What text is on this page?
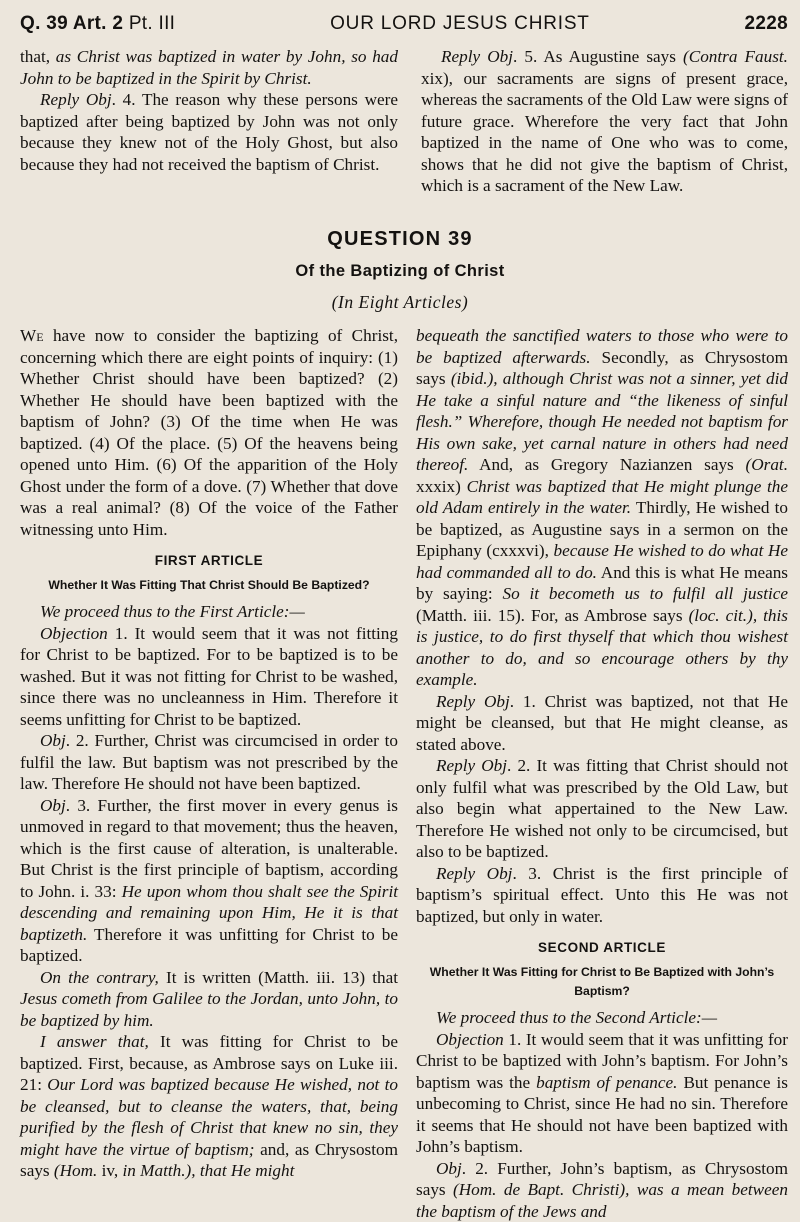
Q. 39 Art. 2 Pt. III	OUR LORD JESUS CHRIST	2228

that, as Christ was baptized in water by John, so had John to be baptized in the Spirit by Christ.

Reply Obj. 4. The reason why these persons were baptized after being baptized by John was not only because they knew not of the Holy Ghost, but also because they had not received the baptism of Christ.

Reply Obj. 5. As Augustine says (Contra Faust. xix), our sacraments are signs of present grace, whereas the sacraments of the Old Law were signs of future grace. Wherefore the very fact that John baptized in the name of One who was to come, shows that he did not give the baptism of Christ, which is a sacrament of the New Law.

QUESTION 39
Of the Baptizing of Christ
(In Eight Articles)

We have now to consider the baptizing of Christ, concerning which there are eight points of inquiry: (1) Whether Christ should have been baptized? (2) Whether He should have been baptized with the baptism of John? (3) Of the time when He was baptized. (4) Of the place. (5) Of the heavens being opened unto Him. (6) Of the apparition of the Holy Ghost under the form of a dove. (7) Whether that dove was a real animal? (8) Of the voice of the Father witnessing unto Him.

FIRST ARTICLE
Whether It Was Fitting That Christ Should Be Baptized?

We proceed thus to the First Article:—

Objection 1. It would seem that it was not fitting for Christ to be baptized. For to be baptized is to be washed. But it was not fitting for Christ to be washed, since there was no uncleanness in Him. Therefore it seems unfitting for Christ to be baptized.

Obj. 2. Further, Christ was circumcised in order to fulfil the law. But baptism was not prescribed by the law. Therefore He should not have been baptized.

Obj. 3. Further, the first mover in every genus is unmoved in regard to that movement; thus the heaven, which is the first cause of alteration, is unalterable. But Christ is the first principle of baptism, according to John. i. 33: He upon whom thou shalt see the Spirit descending and remaining upon Him, He it is that baptizeth. Therefore it was unfitting for Christ to be baptized.

On the contrary, It is written (Matth. iii. 13) that Jesus cometh from Galilee to the Jordan, unto John, to be baptized by him.

I answer that, It was fitting for Christ to be baptized. First, because, as Ambrose says on Luke iii. 21: Our Lord was baptized because He wished, not to be cleansed, but to cleanse the waters, that, being purified by the flesh of Christ that knew no sin, they might have the virtue of baptism; and, as Chrysostom says (Hom. iv, in Matth.), that He might

bequeath the sanctified waters to those who were to be baptized afterwards. Secondly, as Chrysostom says (ibid.), although Christ was not a sinner, yet did He take a sinful nature and “the likeness of sinful flesh.” Wherefore, though He needed not baptism for His own sake, yet carnal nature in others had need thereof. And, as Gregory Nazianzen says (Orat. xxxix) Christ was baptized that He might plunge the old Adam entirely in the water. Thirdly, He wished to be baptized, as Augustine says in a sermon on the Epiphany (cxxxvi), because He wished to do what He had commanded all to do. And this is what He means by saying: So it becometh us to fulfil all justice (Matth. iii. 15). For, as Ambrose says (loc. cit.), this is justice, to do first thyself that which thou wishest another to do, and so encourage others by thy example.

Reply Obj. 1. Christ was baptized, not that He might be cleansed, but that He might cleanse, as stated above.

Reply Obj. 2. It was fitting that Christ should not only fulfil what was prescribed by the Old Law, but also begin what appertained to the New Law. Therefore He wished not only to be circumcised, but also to be baptized.

Reply Obj. 3. Christ is the first principle of baptism’s spiritual effect. Unto this He was not baptized, but only in water.

SECOND ARTICLE
Whether It Was Fitting for Christ to Be Baptized with John’s Baptism?

We proceed thus to the Second Article:—

Objection 1. It would seem that it was unfitting for Christ to be baptized with John’s baptism. For John’s baptism was the baptism of penance. But penance is unbecoming to Christ, since He had no sin. Therefore it seems that He should not have been baptized with John’s baptism.

Obj. 2. Further, John’s baptism, as Chrysostom says (Hom. de Bapt. Christi), was a mean between the baptism of the Jews and
